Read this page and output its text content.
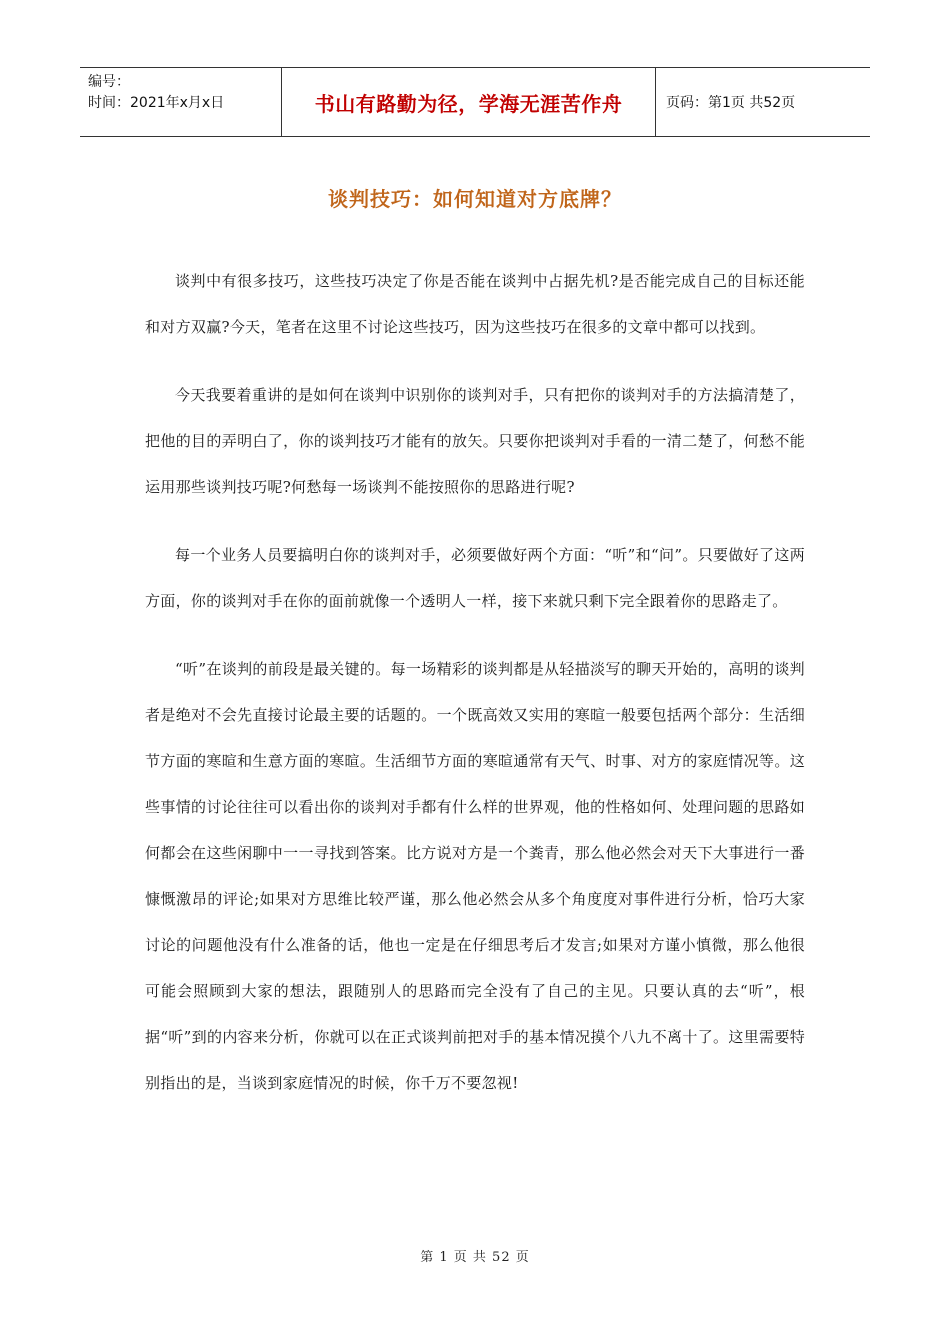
编号：
时间：2021年x月x日	书山有路勤为径，学海无涯苦作舟	页码：第1页 共52页
谈判技巧：如何知道对方底牌？

谈判中有很多技巧，这些技巧决定了你是否能在谈判中占据先机?是否能完成自己的目标还能和对方双赢?今天，笔者在这里不讨论这些技巧，因为这些技巧在很多的文章中都可以找到。

今天我要着重讲的是如何在谈判中识别你的谈判对手，只有把你的谈判对手的方法搞清楚了，把他的目的弄明白了，你的谈判技巧才能有的放矢。只要你把谈判对手看的一清二楚了，何愁不能运用那些谈判技巧呢?何愁每一场谈判不能按照你的思路进行呢?

每一个业务人员要搞明白你的谈判对手，必须要做好两个方面：“听”和“问”。只要做好了这两方面，你的谈判对手在你的面前就像一个透明人一样，接下来就只剩下完全跟着你的思路走了。

“听”在谈判的前段是最关键的。每一场精彩的谈判都是从轻描淡写的聊天开始的，高明的谈判者是绝对不会先直接讨论最主要的话题的。一个既高效又实用的寒暄一般要包括两个部分：生活细节方面的寒暄和生意方面的寒暄。生活细节方面的寒暄通常有天气、时事、对方的家庭情况等。这些事情的讨论往往可以看出你的谈判对手都有什么样的世界观，他的性格如何、处理问题的思路如何都会在这些闲聊中一一寻找到答案。比方说对方是一个粪青，那么他必然会对天下大事进行一番慷慨激昂的评论;如果对方思维比较严谨，那么他必然会从多个角度度对事件进行分析，恰巧大家讨论的问题他没有什么准备的话，他也一定是在仔细思考后才发言;如果对方谨小慎微，那么他很可能会照顾到大家的想法，跟随别人的思路而完全没有了自己的主见。只要认真的去“听”，根据“听”到的内容来分析，你就可以在正式谈判前把对手的基本情况摸个八九不离十了。这里需要特别指出的是，当谈到家庭情况的时候，你千万不要忽视!

第 1 页 共 52 页
